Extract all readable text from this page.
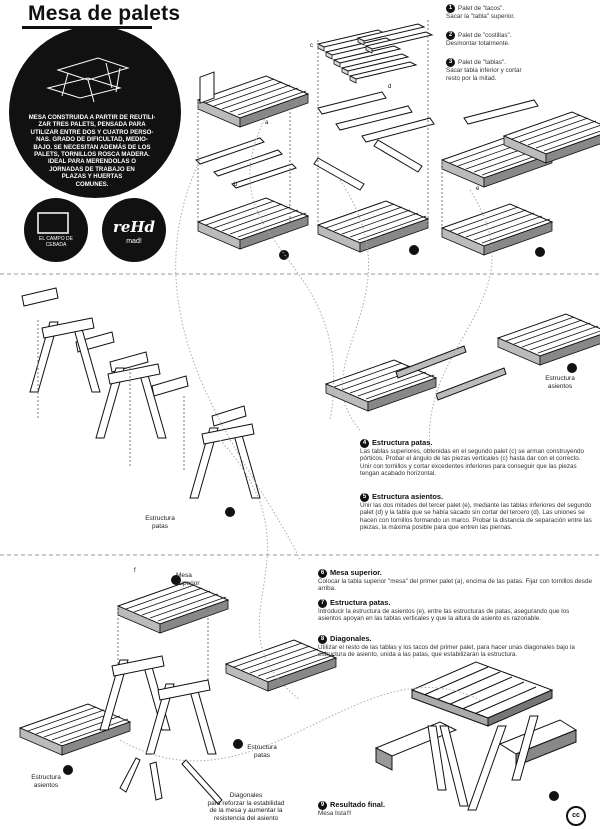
Mesa de palets
MESA CONSTRUIDA A PARTIR DE REUTILI-
ZAR TRES PALETS, PENSADA PARA
UTILIZAR ENTRE DOS Y CUATRO PERSO-
NAS. GRADO DE DIFICULTAD, MEDIO-
BAJO. SE NECESITAN ADEMÁS DE LOS
PALETS, TORNILLOS ROSCA MADERA.
IDEAL PARA MERENDOLAS O
JORNADAS DE TRABAJO EN
PLAZAS Y HUERTAS
COMUNES.
EL CAMPO DE CEBADA
reHd
mad!
1 Palet de "tacos".
Sacar la "tabla" superior.
2 Palet de "costillas".
Desmontar totalmente.
3 Palet de "tablas".
Sacar tabla inferior y cortar
resto por la mitad.
4 Estructura patas.
Las tablas superiores, obtenidas en el segundo palet (c) se arman construyendo pórticos. Probar el ángulo de las piezas verticales (c) hasta dar con el correcto. Unir con tornillos y cortar excedentes inferiores para conseguir que las piezas tengan acabado horizontal.
5 Estructura asientos.
Unir las dos mitades del tercer palet (e), mediante las tablas inferiores del segundo palet (d) y la tabla que se había sacado sin cortar del tercero (d). Las uniones se hacen con tornillos formando un marco. Probar la distancia de separación entre las piezas, la máxima posible para que entren las piernas.
6 Mesa superior.
Colocar la tabla superior "mesa" del primer palet (a), encima de las patas. Fijar con tornillos desde arriba.
7 Estructura patas.
Introducir la estructura de asientos (e), entre las estructuras de patas, asegurando que los asientos apoyan en las tablas verticales y que la altura de asiento es razonable.
8 Diagonales.
Utilizar el resto de las tablas y los tacos del primer palet, para hacer unas diagonales bajo la estructura de asiento, unida a las patas, que estabilizarán la estructura.
9 Resultado final.
Mesa lista!!!
Estructura
patas
Estructura
asientos
Mesa
superior
Estructura
patas
Estructura
asientos
Diagonales
para reforzar la estabilidad
de la mesa y aumentar la
resistencia del asiento
a
b
c
d
e
f
cc
